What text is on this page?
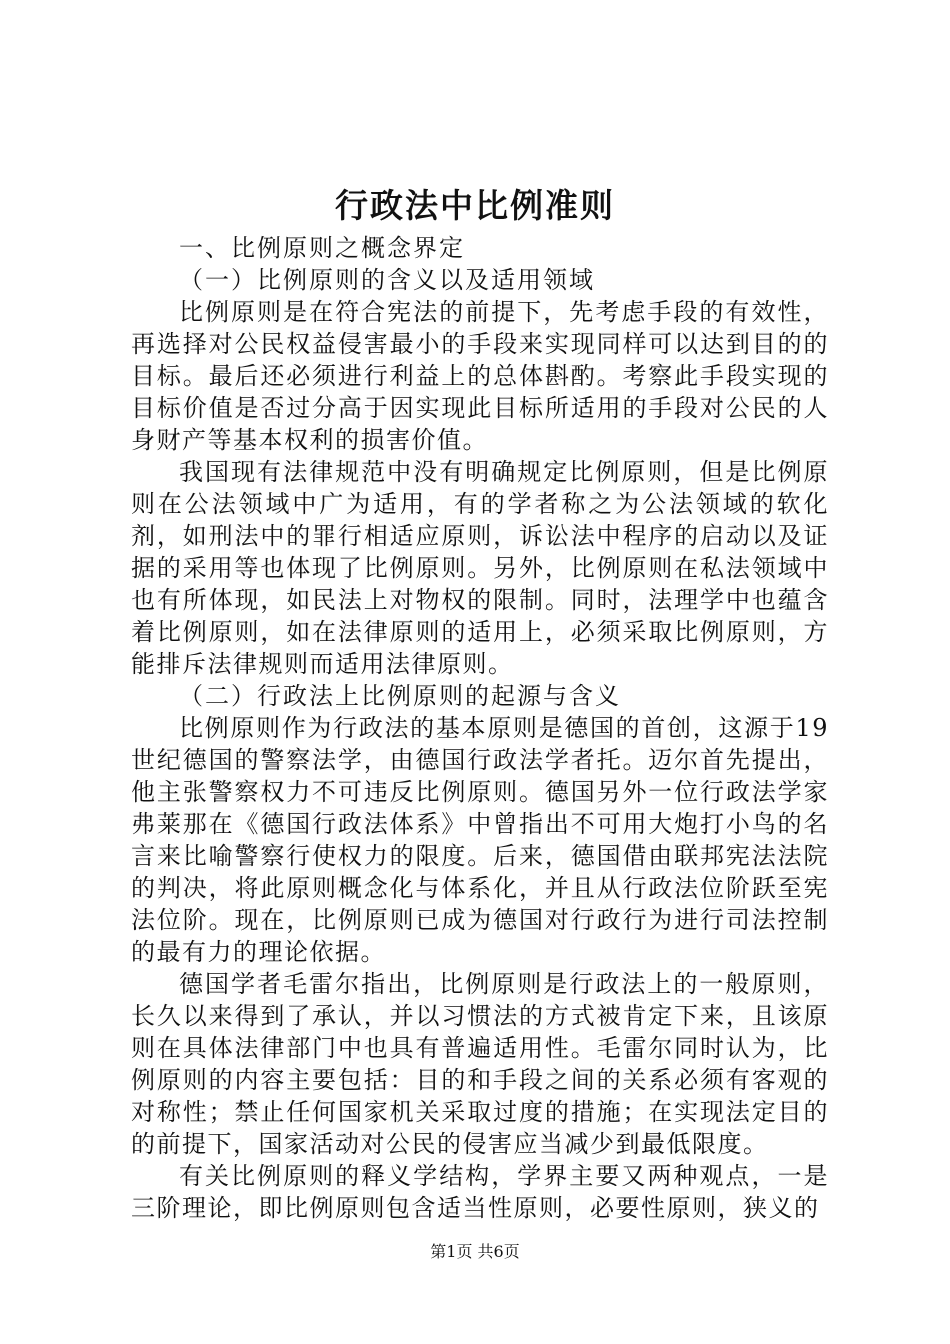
行政法中比例准则

一、比例原则之概念界定

（一）比例原则的含义以及适用领域

比例原则是在符合宪法的前提下，先考虑手段的有效性，再选择对公民权益侵害最小的手段来实现同样可以达到目的的目标。最后还必须进行利益上的总体斟酌。考察此手段实现的目标价值是否过分高于因实现此目标所适用的手段对公民的人身财产等基本权利的损害价值。

我国现有法律规范中没有明确规定比例原则，但是比例原则在公法领域中广为适用，有的学者称之为公法领域的软化剂，如刑法中的罪行相适应原则，诉讼法中程序的启动以及证据的采用等也体现了比例原则。另外，比例原则在私法领域中也有所体现，如民法上对物权的限制。同时，法理学中也蕴含着比例原则，如在法律原则的适用上，必须采取比例原则，方能排斥法律规则而适用法律原则。

（二）行政法上比例原则的起源与含义

比例原则作为行政法的基本原则是德国的首创，这源于19世纪德国的警察法学，由德国行政法学者托。迈尔首先提出，他主张警察权力不可违反比例原则。德国另外一位行政法学家弗莱那在《德国行政法体系》中曾指出不可用大炮打小鸟的名言来比喻警察行使权力的限度。后来，德国借由联邦宪法法院的判决，将此原则概念化与体系化，并且从行政法位阶跃至宪法位阶。现在，比例原则已成为德国对行政行为进行司法控制的最有力的理论依据。

德国学者毛雷尔指出，比例原则是行政法上的一般原则，长久以来得到了承认，并以习惯法的方式被肯定下来，且该原则在具体法律部门中也具有普遍适用性。毛雷尔同时认为，比例原则的内容主要包括：目的和手段之间的关系必须有客观的对称性；禁止任何国家机关采取过度的措施；在实现法定目的的前提下，国家活动对公民的侵害应当减少到最低限度。

有关比例原则的释义学结构，学界主要又两种观点，一是三阶理论，即比例原则包含适当性原则，必要性原则，狭义的

第1页 共6页
